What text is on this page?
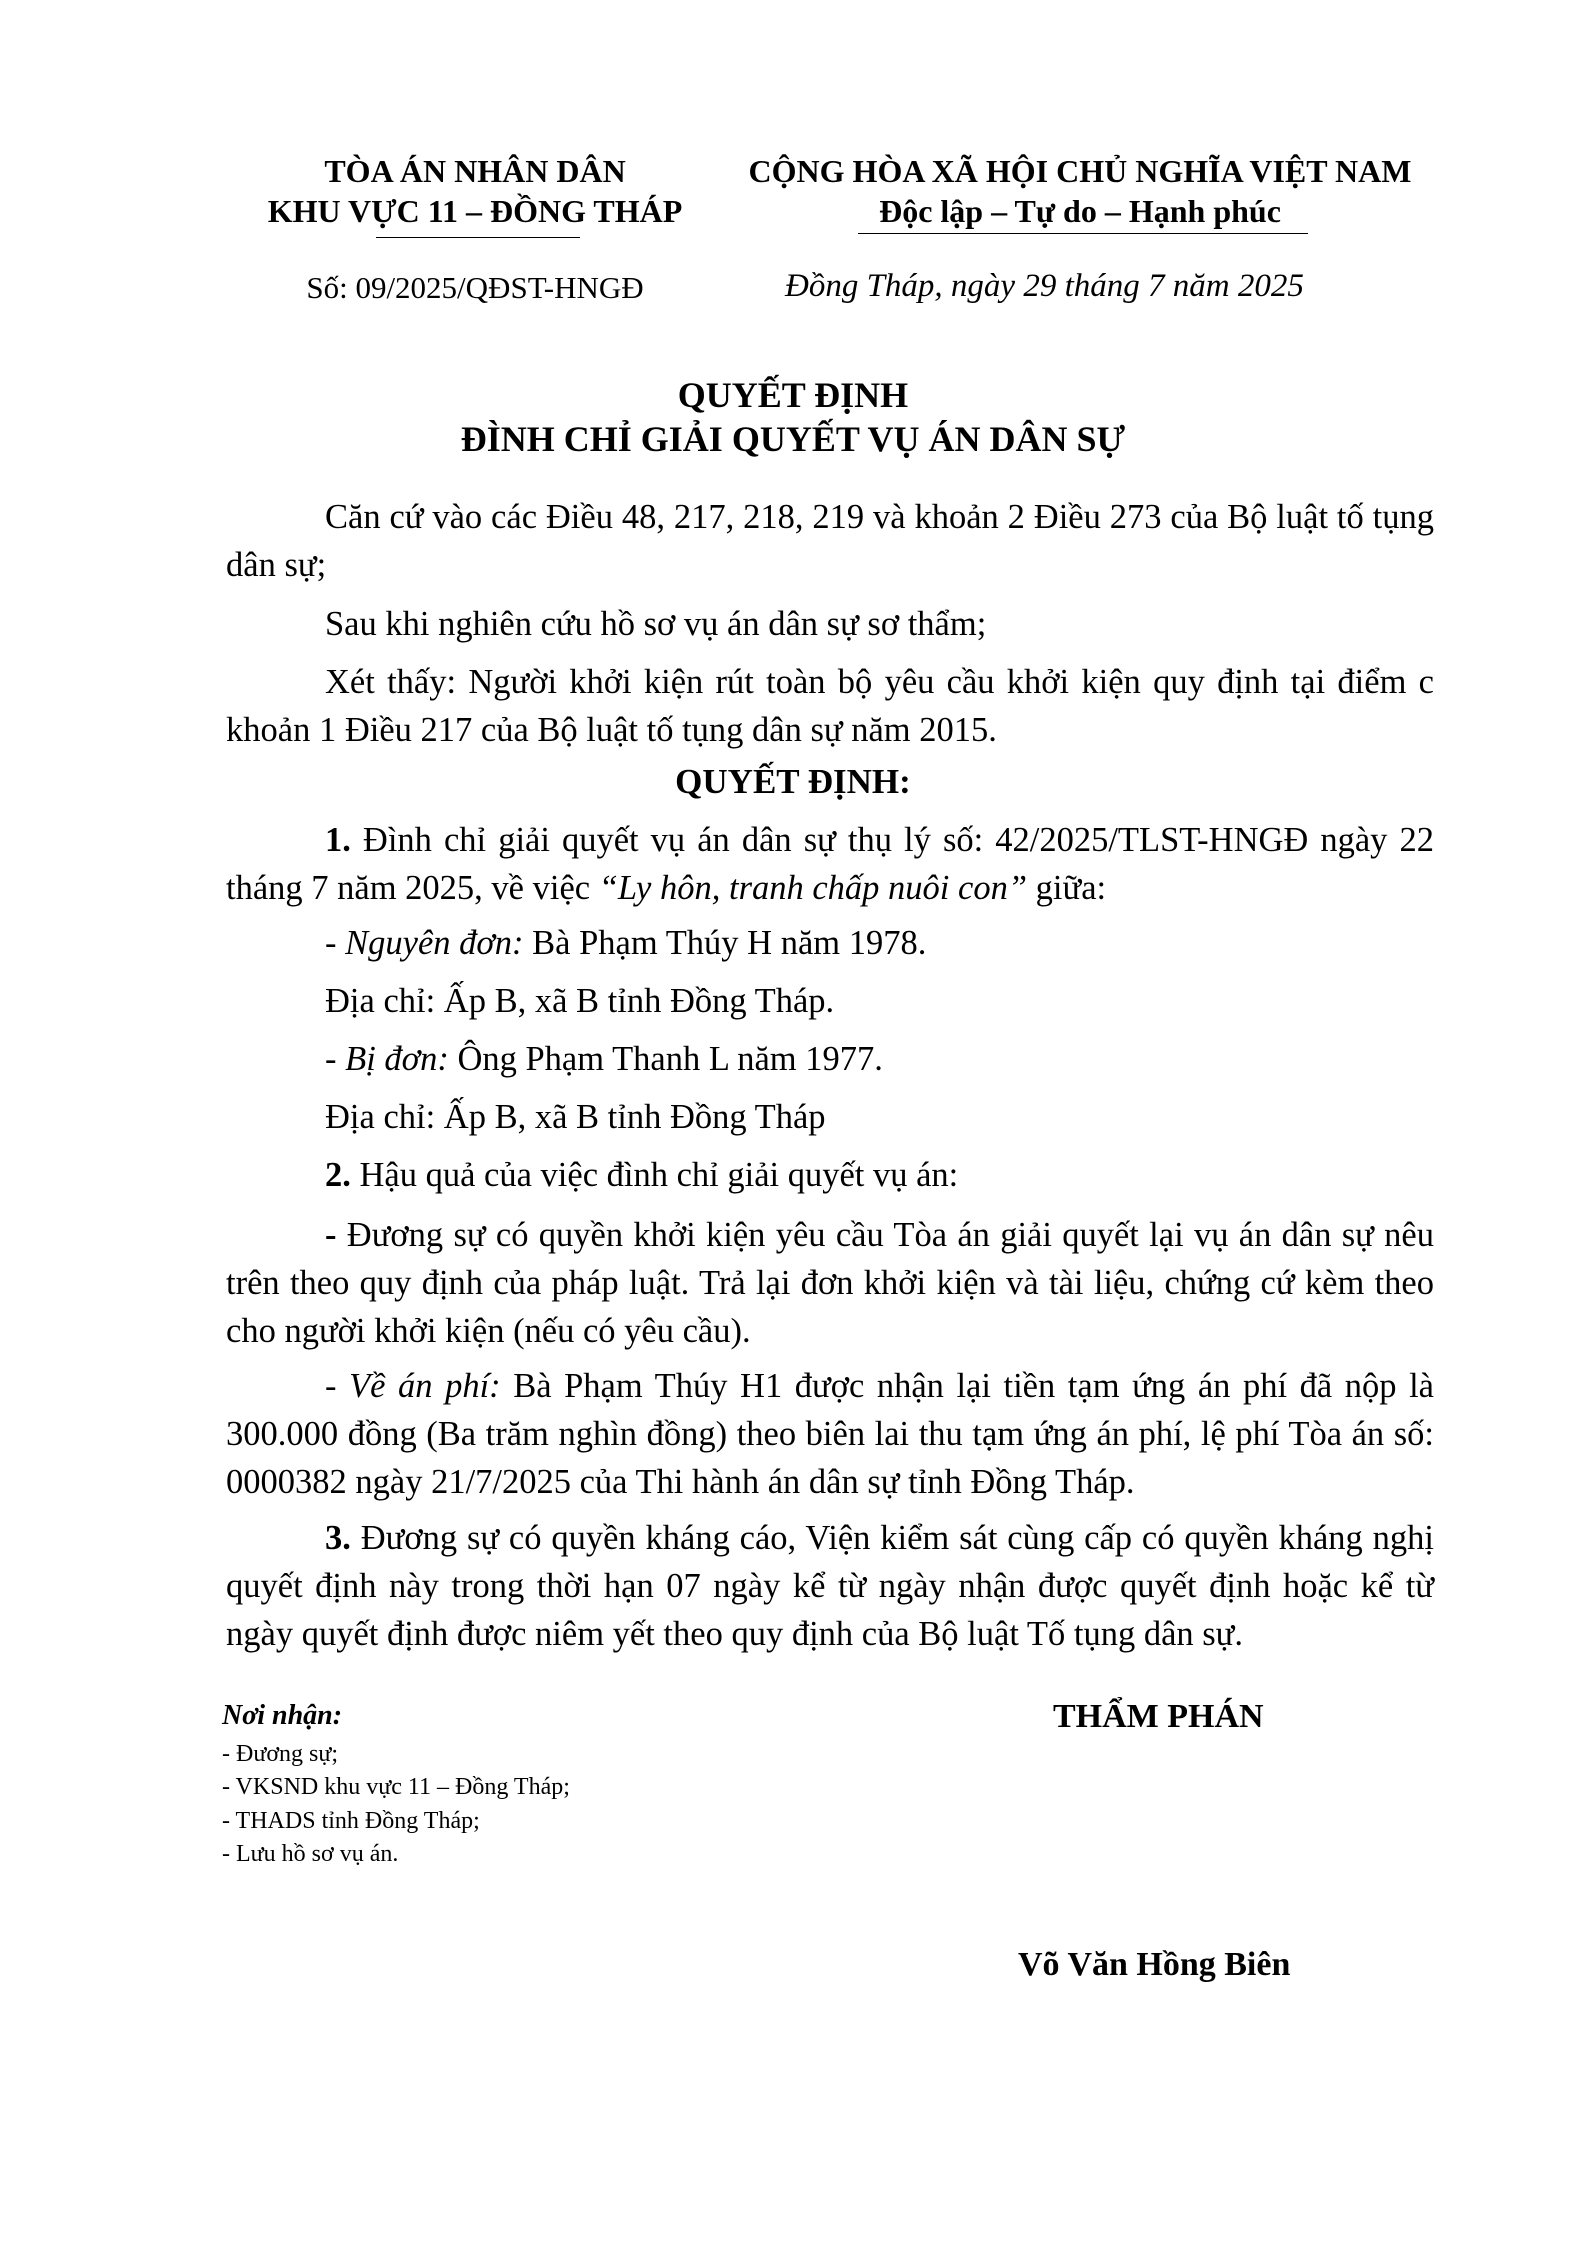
TÒA ÁN NHÂN DÂN
KHU VỰC 11 – ĐỒNG THÁP
CỘNG HÒA XÃ HỘI CHỦ NGHĨA VIỆT NAM
Độc lập – Tự do – Hạnh phúc
Số: 09/2025/QĐST-HNGĐ	Đồng Tháp, ngày 29 tháng 7 năm 2025
QUYẾT ĐỊNH
ĐÌNH CHỈ GIẢI QUYẾT VỤ ÁN DÂN SỰ
Căn cứ vào các Điều 48, 217, 218, 219 và khoản 2 Điều 273 của Bộ luật tố tụng dân sự;
Sau khi nghiên cứu hồ sơ vụ án dân sự sơ thẩm;
Xét thấy: Người khởi kiện rút toàn bộ yêu cầu khởi kiện quy định tại điểm c khoản 1 Điều 217 của Bộ luật tố tụng dân sự năm 2015.
QUYẾT ĐỊNH:
1. Đình chỉ giải quyết vụ án dân sự thụ lý số: 42/2025/TLST-HNGĐ ngày 22 tháng 7 năm 2025, về việc “Ly hôn, tranh chấp nuôi con” giữa:
- Nguyên đơn: Bà Phạm Thúy H năm 1978.
Địa chỉ: Ấp B, xã B tỉnh Đồng Tháp.
- Bị đơn: Ông Phạm Thanh L năm 1977.
Địa chỉ: Ấp B, xã B tỉnh Đồng Tháp
2. Hậu quả của việc đình chỉ giải quyết vụ án:
- Đương sự có quyền khởi kiện yêu cầu Tòa án giải quyết lại vụ án dân sự nêu trên theo quy định của pháp luật. Trả lại đơn khởi kiện và tài liệu, chứng cứ kèm theo cho người khởi kiện (nếu có yêu cầu).
- Về án phí: Bà Phạm Thúy H1 được nhận lại tiền tạm ứng án phí đã nộp là 300.000 đồng (Ba trăm nghìn đồng) theo biên lai thu tạm ứng án phí, lệ phí Tòa án số: 0000382 ngày 21/7/2025 của Thi hành án dân sự tỉnh Đồng Tháp.
3. Đương sự có quyền kháng cáo, Viện kiểm sát cùng cấp có quyền kháng nghị quyết định này trong thời hạn 07 ngày kể từ ngày nhận được quyết định hoặc kể từ ngày quyết định được niêm yết theo quy định của Bộ luật Tố tụng dân sự.
Nơi nhận:
- Đương sự;
- VKSND khu vực 11 – Đồng Tháp;
- THADS tỉnh Đồng Tháp;
- Lưu hồ sơ vụ án.
THẨM PHÁN
Võ Văn Hồng Biên
